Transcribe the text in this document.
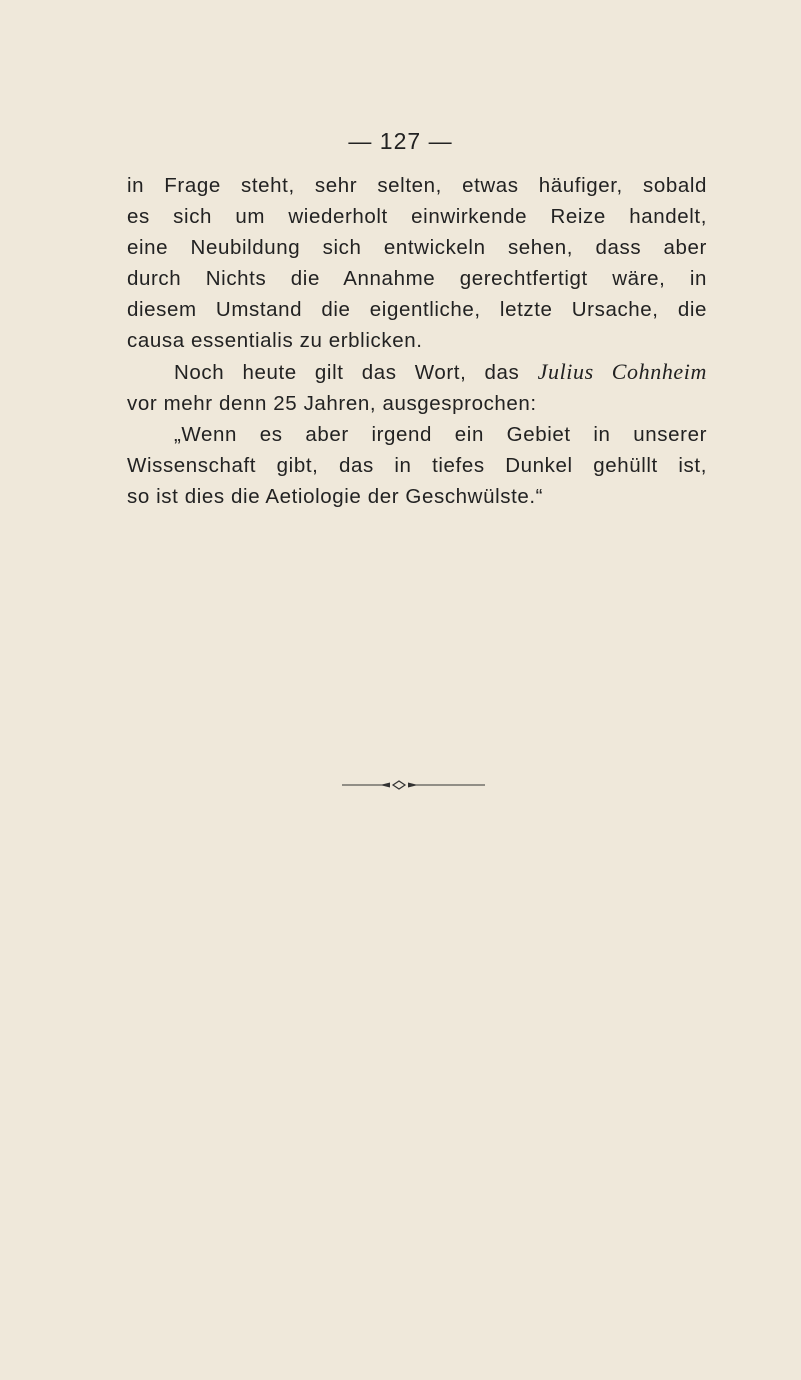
— 127 —
in Frage steht, sehr selten, etwas häufiger, sobald
es sich um wiederholt einwirkende Reize handelt,
eine Neubildung sich entwickeln sehen, dass aber
durch Nichts die Annahme gerechtfertigt wäre, in
diesem Umstand die eigentliche, letzte Ursache, die
causa essentialis zu erblicken.
Noch heute gilt das Wort, das Julius Cohnheim
vor mehr denn 25 Jahren, ausgesprochen:
„Wenn es aber irgend ein Gebiet in unserer
Wissenschaft gibt, das in tiefes Dunkel gehüllt ist,
so ist dies die Aetiologie der Geschwülste.“
